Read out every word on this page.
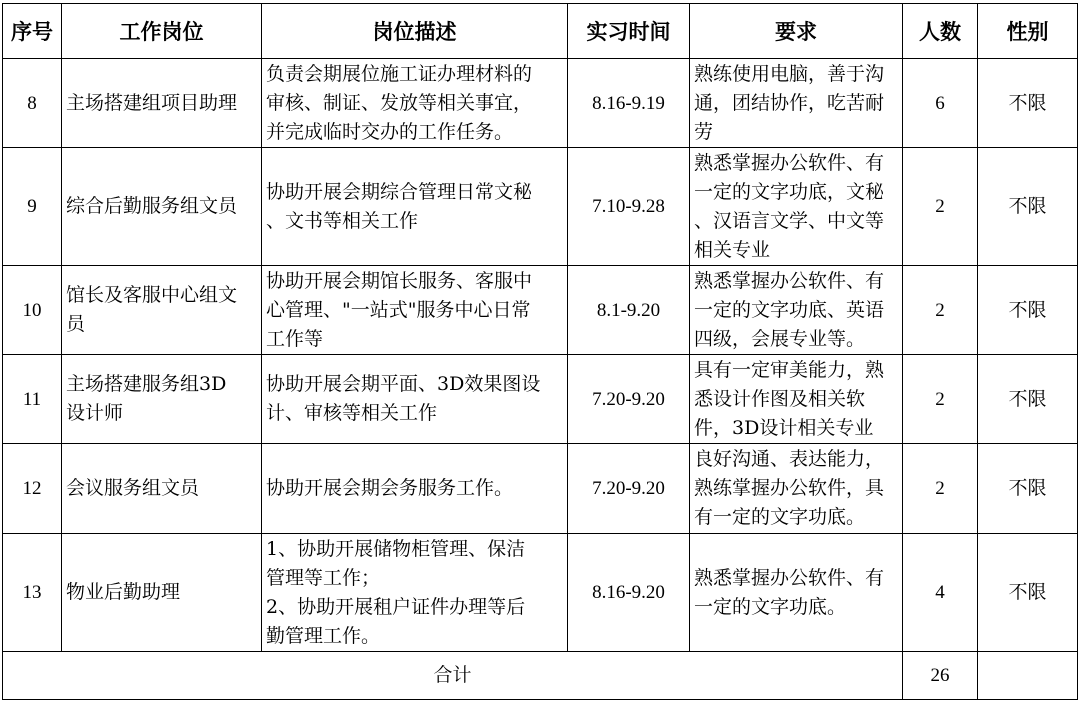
序号	工作岗位	岗位描述	实习时间	要求	人数	性别
8	主场搭建组项目助理	负责会期展位施工证办理材料的
审核、制证、发放等相关事宜，
并完成临时交办的工作任务。	8.16-9.19	熟练使用电脑，善于沟
通，团结协作，吃苦耐
劳	6	不限
9	综合后勤服务组文员	协助开展会期综合管理日常文秘
、文书等相关工作	7.10-9.28	熟悉掌握办公软件、有
一定的文字功底，文秘
、汉语言文学、中文等
相关专业	2	不限
10	馆长及客服中心组文
员	协助开展会期馆长服务、客服中
心管理、"一站式"服务中心日常
工作等	8.1-9.20	熟悉掌握办公软件、有
一定的文字功底、英语
四级，会展专业等。	2	不限
11	主场搭建服务组3D
设计师	协助开展会期平面、3D效果图设
计、审核等相关工作	7.20-9.20	具有一定审美能力，熟
悉设计作图及相关软
件，3D设计相关专业	2	不限
12	会议服务组文员	协助开展会期会务服务工作。	7.20-9.20	良好沟通、表达能力，
熟练掌握办公软件，具
有一定的文字功底。	2	不限
13	物业后勤助理	1、协助开展储物柜管理、保洁
管理等工作；
2、协助开展租户证件办理等后
勤管理工作。	8.16-9.20	熟悉掌握办公软件、有
一定的文字功底。	4	不限
合计					26	
